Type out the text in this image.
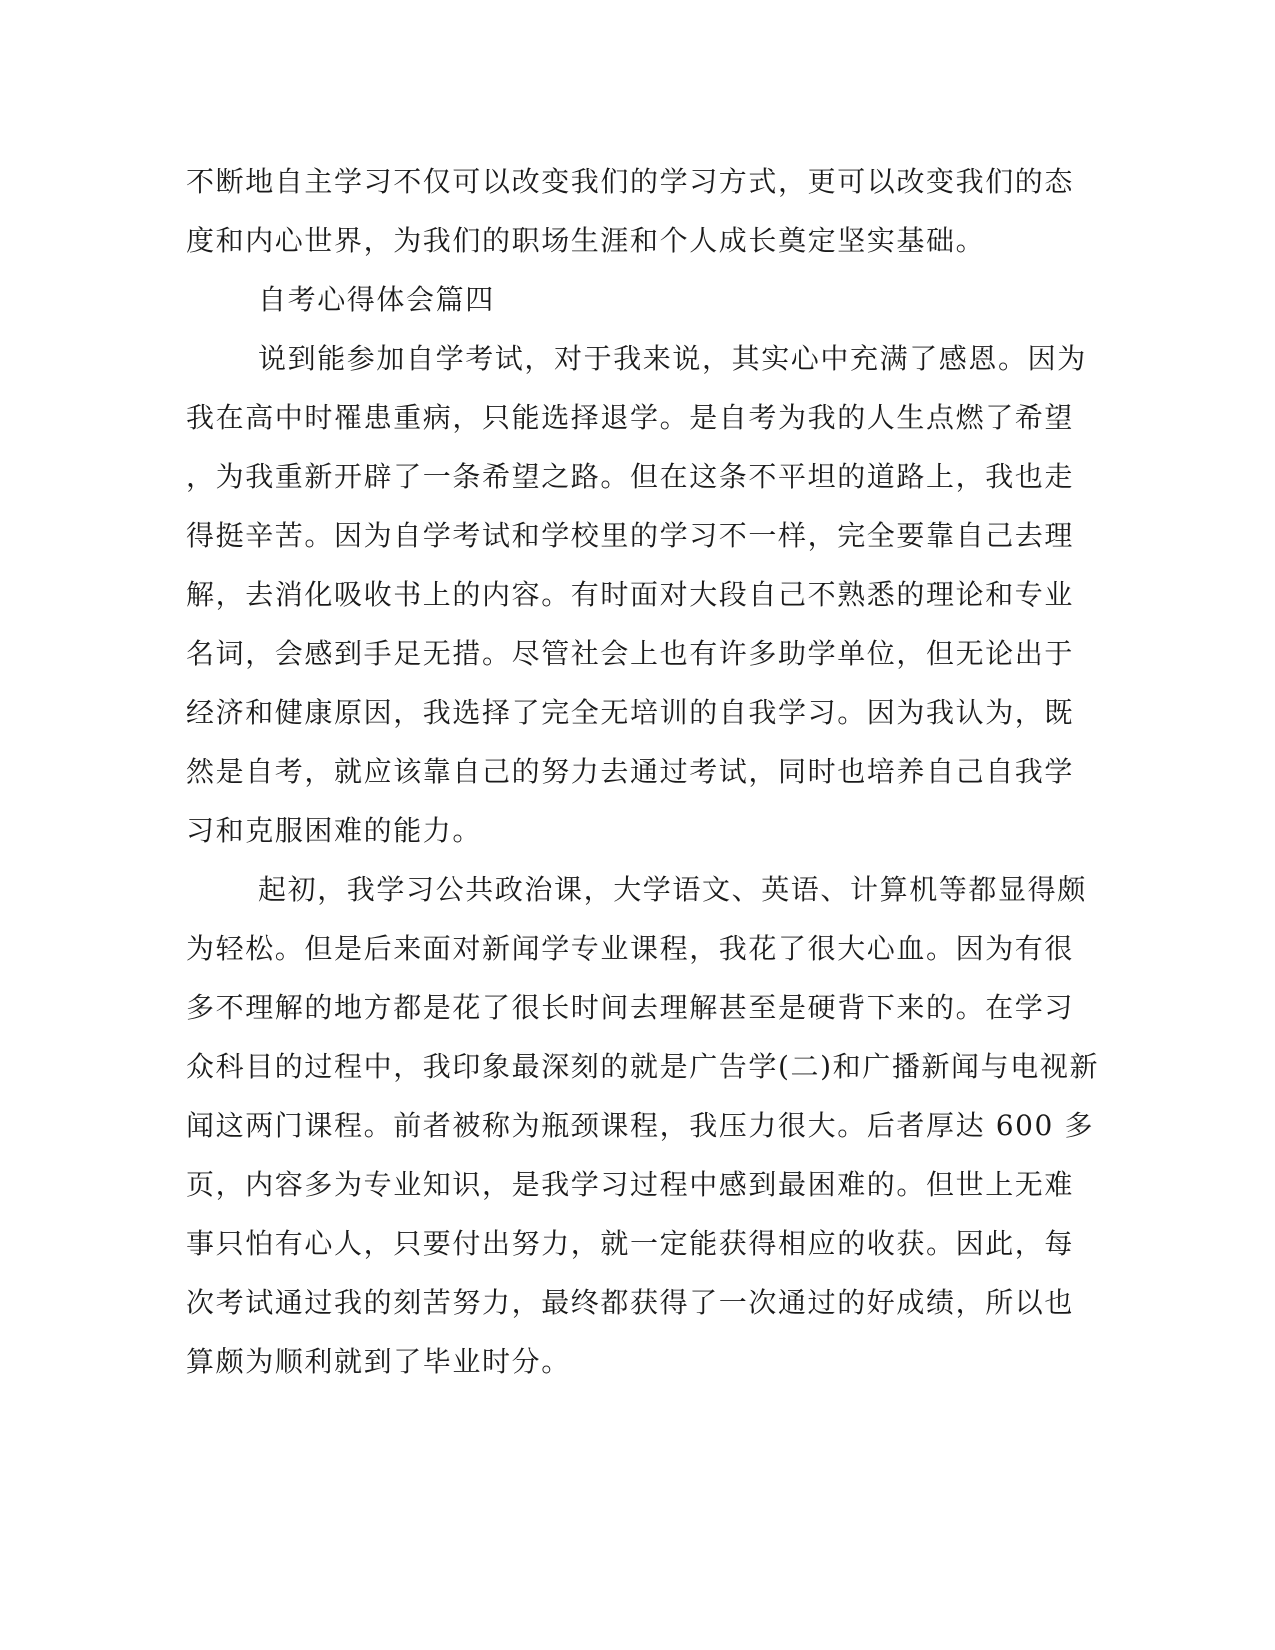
不断地自主学习不仅可以改变我们的学习方式，更可以改变我们的态
度和内心世界，为我们的职场生涯和个人成长奠定坚实基础。
自考心得体会篇四
说到能参加自学考试，对于我来说，其实心中充满了感恩。因为
我在高中时罹患重病，只能选择退学。是自考为我的人生点燃了希望
，为我重新开辟了一条希望之路。但在这条不平坦的道路上，我也走
得挺辛苦。因为自学考试和学校里的学习不一样，完全要靠自己去理
解，去消化吸收书上的内容。有时面对大段自己不熟悉的理论和专业
名词，会感到手足无措。尽管社会上也有许多助学单位，但无论出于
经济和健康原因，我选择了完全无培训的自我学习。因为我认为，既
然是自考，就应该靠自己的努力去通过考试，同时也培养自己自我学
习和克服困难的能力。
起初，我学习公共政治课，大学语文、英语、计算机等都显得颇
为轻松。但是后来面对新闻学专业课程，我花了很大心血。因为有很
多不理解的地方都是花了很长时间去理解甚至是硬背下来的。在学习
众科目的过程中，我印象最深刻的就是广告学(二)和广播新闻与电视新
闻这两门课程。前者被称为瓶颈课程，我压力很大。后者厚达 600 多
页，内容多为专业知识，是我学习过程中感到最困难的。但世上无难
事只怕有心人，只要付出努力，就一定能获得相应的收获。因此，每
次考试通过我的刻苦努力，最终都获得了一次通过的好成绩，所以也
算颇为顺利就到了毕业时分。
